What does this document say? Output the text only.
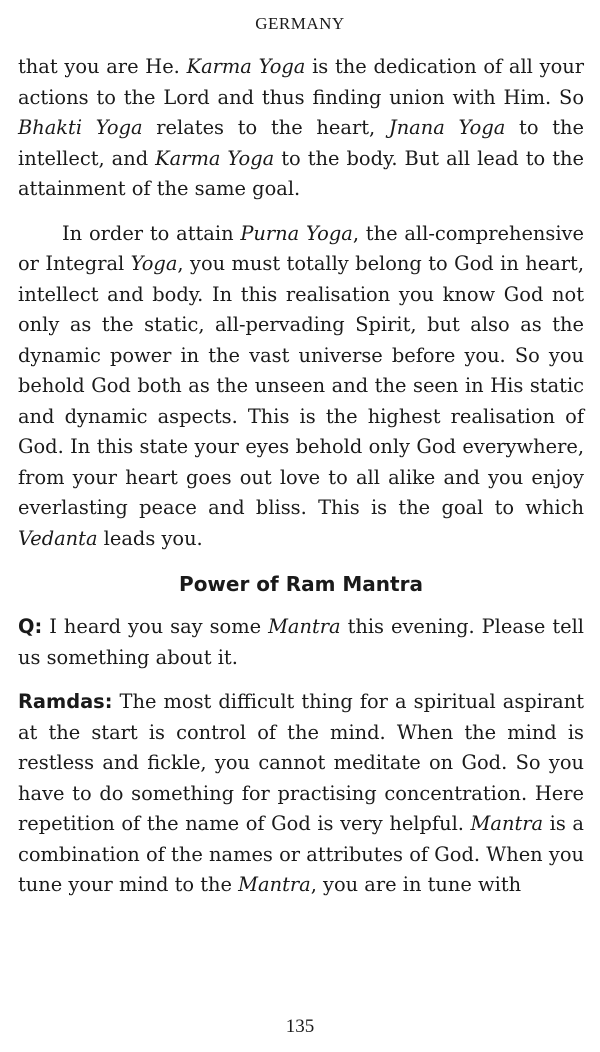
GERMANY

that you are He. Karma Yoga is the dedication of all your actions to the Lord and thus finding union with Him. So Bhakti Yoga relates to the heart, Jnana Yoga to the intellect, and Karma Yoga to the body. But all lead to the attainment of the same goal.

In order to attain Purna Yoga, the all-comprehensive or Integral Yoga, you must totally belong to God in heart, intellect and body. In this realisation you know God not only as the static, all-pervading Spirit, but also as the dynamic power in the vast universe before you. So you behold God both as the unseen and the seen in His static and dynamic aspects. This is the highest realisation of God. In this state your eyes behold only God everywhere, from your heart goes out love to all alike and you enjoy everlasting peace and bliss. This is the goal to which Vedanta leads you.

Power of Ram Mantra

Q: I heard you say some Mantra this evening. Please tell us something about it.

Ramdas: The most difficult thing for a spiritual aspirant at the start is control of the mind. When the mind is restless and fickle, you cannot meditate on God. So you have to do something for practising concentration. Here repetition of the name of God is very helpful. Mantra is a combination of the names or attributes of God. When you tune your mind to the Mantra, you are in tune with

135
